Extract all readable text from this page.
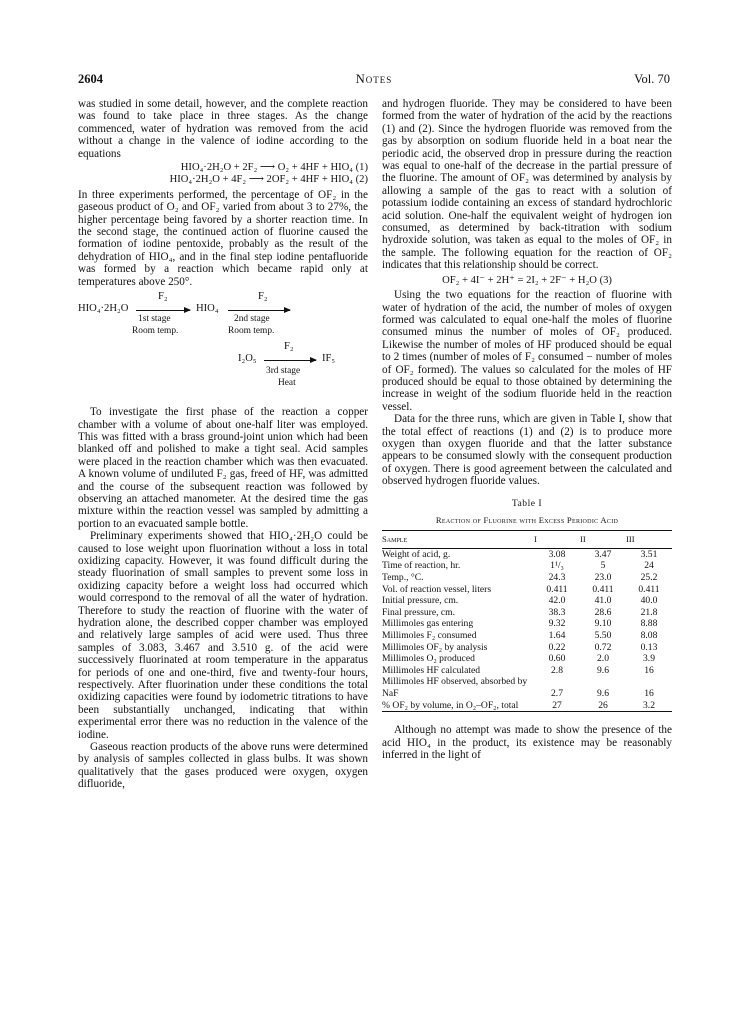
2604	Notes	Vol. 70

was studied in some detail, however, and the complete reaction was found to take place in three stages. As the change commenced, water of hydration was removed from the acid without a change in the valence of iodine according to the equations

HIO₄·2H₂O + 2F₂ ⟶ O₂ + 4HF + HIO₄ (1)
HIO₄·2H₂O + 4F₂ ⟶ 2OF₂ + 4HF + HIO₄ (2)

In three experiments performed, the percentage of OF₂ in the gaseous product of O₂ and OF₂ varied from about 3 to 27%, the higher percentage being favored by a shorter reaction time. In the second stage, the continued action of fluorine caused the formation of iodine pentoxide, probably as the result of the dehydration of HIO₄, and in the final step iodine pentafluoride was formed by a reaction which became rapid only at temperatures above 250°.

HIO₄·2H₂O
F₂
1st stage
Room temp.
HIO₄
F₂
2nd stage
Room temp.
F₂
I₂O₅	IF₅
3rd stage
Heat

To investigate the first phase of the reaction a copper chamber with a volume of about one-half liter was employed. This was fitted with a brass ground-joint union which had been blanked off and polished to make a tight seal. Acid samples were placed in the reaction chamber which was then evacuated. A known volume of undiluted F₂ gas, freed of HF, was admitted and the course of the subsequent reaction was followed by observing an attached manometer. At the desired time the gas mixture within the reaction vessel was sampled by admitting a portion to an evacuated sample bottle.

Preliminary experiments showed that HIO₄·2H₂O could be caused to lose weight upon fluorination without a loss in total oxidizing capacity. However, it was found difficult during the steady fluorination of small samples to prevent some loss in oxidizing capacity before a weight loss had occurred which would correspond to the removal of all the water of hydration. Therefore to study the reaction of fluorine with the water of hydration alone, the described copper chamber was employed and relatively large samples of acid were used. Thus three samples of 3.083, 3.467 and 3.510 g. of the acid were successively fluorinated at room temperature in the apparatus for periods of one and one-third, five and twenty-four hours, respectively. After fluorination under these conditions the total oxidizing capacities were found by iodometric titrations to have been substantially unchanged, indicating that within experimental error there was no reduction in the valence of the iodine.

Gaseous reaction products of the above runs were determined by analysis of samples collected in glass bulbs. It was shown qualitatively that the gases produced were oxygen, oxygen difluoride,

and hydrogen fluoride. They may be considered to have been formed from the water of hydration of the acid by the reactions (1) and (2). Since the hydrogen fluoride was removed from the gas by absorption on sodium fluoride held in a boat near the periodic acid, the observed drop in pressure during the reaction was equal to one-half of the decrease in the partial pressure of the fluorine. The amount of OF₂ was determined by analysis by allowing a sample of the gas to react with a solution of potassium iodide containing an excess of standard hydrochloric acid solution. One-half the equivalent weight of hydrogen ion consumed, as determined by back-titration with sodium hydroxide solution, was taken as equal to the moles of OF₂ in the sample. The following equation for the reaction of OF₂ indicates that this relationship should be correct.

OF₂ + 4I⁻ + 2H⁺ = 2I₂ + 2F⁻ + H₂O (3)

Using the two equations for the reaction of fluorine with water of hydration of the acid, the number of moles of oxygen formed was calculated to equal one-half the moles of fluorine consumed minus the number of moles of OF₂ produced. Likewise the number of moles of HF produced should be equal to 2 times (number of moles of F₂ consumed − number of moles of OF₂ formed). The values so calculated for the moles of HF produced should be equal to those obtained by determining the increase in weight of the sodium fluoride held in the reaction vessel.

Data for the three runs, which are given in Table I, show that the total effect of reactions (1) and (2) is to produce more oxygen than oxygen fluoride and that the latter substance appears to be consumed slowly with the consequent production of oxygen. There is good agreement between the calculated and observed hydrogen fluoride values.

Table I
Reaction of Fluorine with Excess Periodic Acid
Sample	I	II	III
Weight of acid, g.	3.08	3.47	3.51
Time of reaction, hr.	1¹/₃	5	24
Temp., °C.	24.3	23.0	25.2
Vol. of reaction vessel, liters	0.411	0.411	0.411
Initial pressure, cm.	42.0	41.0	40.0
Final pressure, cm.	38.3	28.6	21.8
Millimoles gas entering	9.32	9.10	8.88
Millimoles F₂ consumed	1.64	5.50	8.08
Millimoles OF₂ by analysis	0.22	0.72	0.13
Millimoles O₂ produced	0.60	2.0	3.9
Millimoles HF calculated	2.8	9.6	16
Millimoles HF observed, absorbed by NaF	2.7	9.6	16
% OF₂ by volume, in O₂–OF₂, total	27	26	3.2

Although no attempt was made to show the presence of the acid HIO₄ in the product, its existence may be reasonably inferred in the light of
